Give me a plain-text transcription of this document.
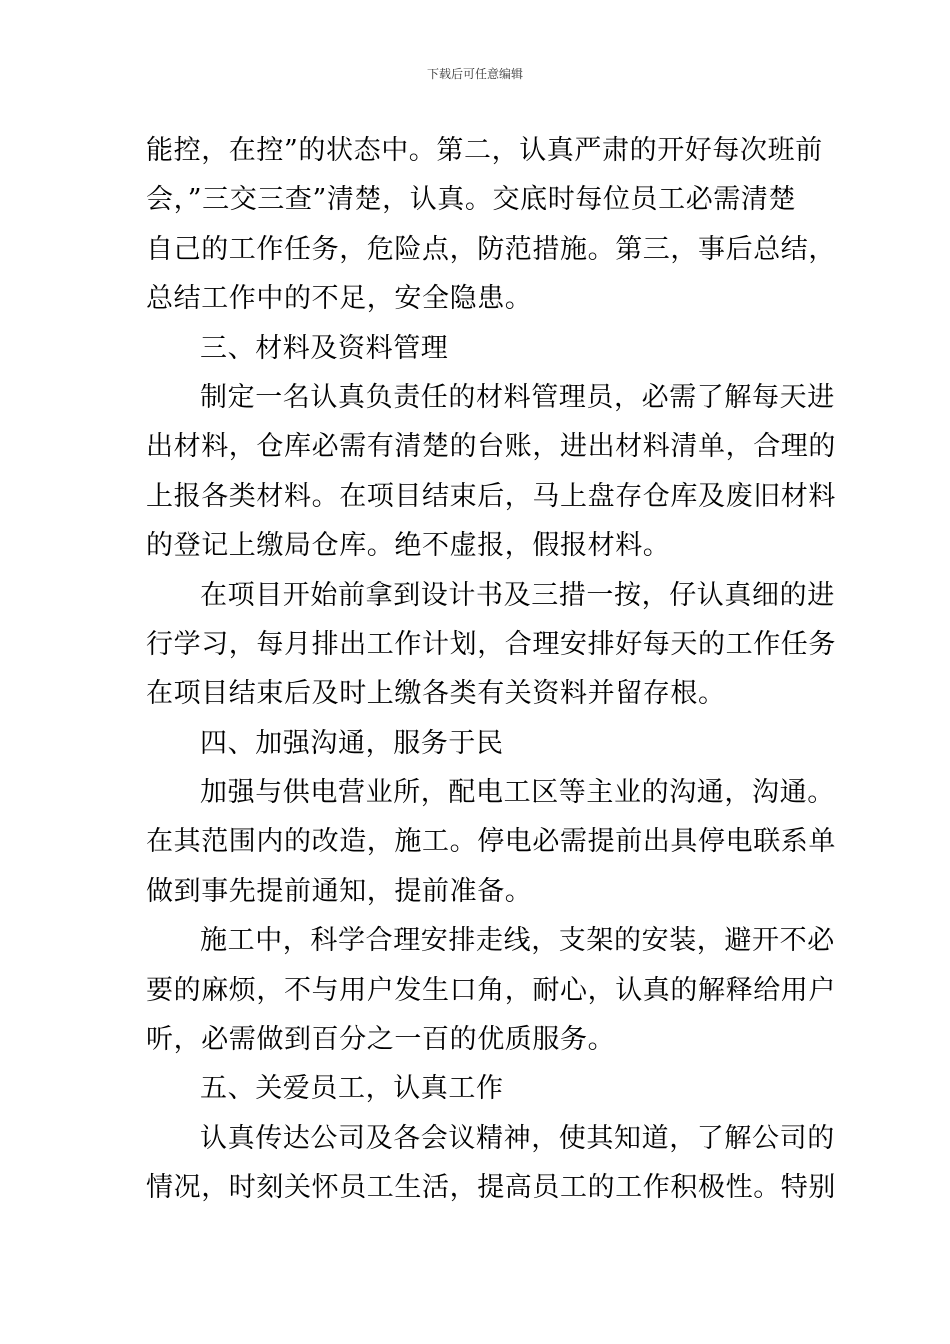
下载后可任意编辑
能控，在控”的状态中。第二，认真严肃的开好每次班前
会，”三交三查”清楚，认真。交底时每位员工必需清楚
自己的工作任务，危险点，防范措施。第三，事后总结，
总结工作中的不足，安全隐患。
三、材料及资料管理
制定一名认真负责任的材料管理员，必需了解每天进
出材料，仓库必需有清楚的台账，进出材料清单，合理的
上报各类材料。在项目结束后，马上盘存仓库及废旧材料
的登记上缴局仓库。绝不虚报，假报材料。
在项目开始前拿到设计书及三措一按，仔认真细的进
行学习，每月排出工作计划，合理安排好每天的工作任务
在项目结束后及时上缴各类有关资料并留存根。
四、加强沟通，服务于民
加强与供电营业所，配电工区等主业的沟通，沟通。
在其范围内的改造，施工。停电必需提前出具停电联系单
做到事先提前通知，提前准备。
施工中，科学合理安排走线，支架的安装，避开不必
要的麻烦，不与用户发生口角，耐心，认真的解释给用户
听，必需做到百分之一百的优质服务。
五、关爱员工，认真工作
认真传达公司及各会议精神，使其知道，了解公司的
情况，时刻关怀员工生活，提高员工的工作积极性。特别
